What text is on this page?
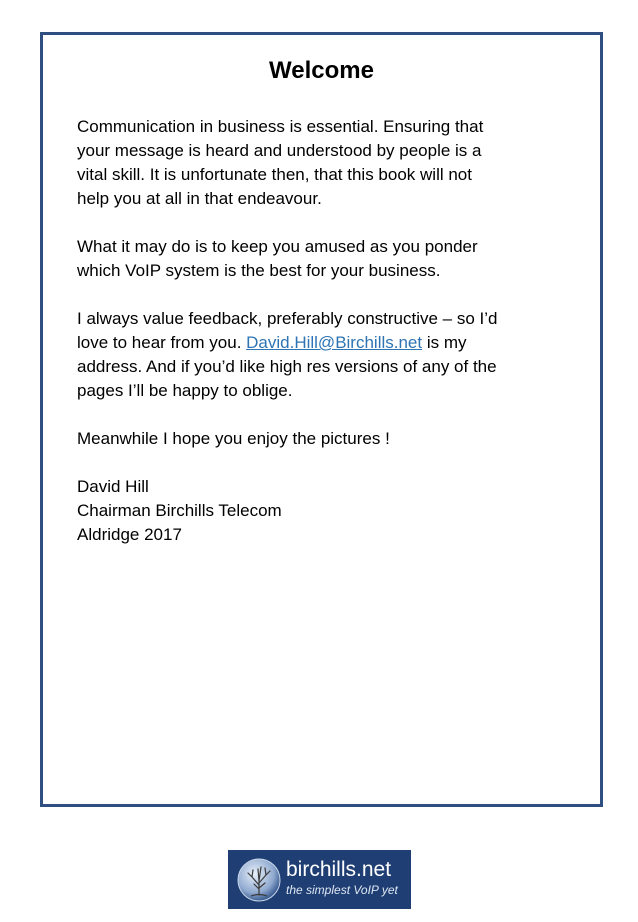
Welcome

Communication in business is essential. Ensuring that
your message is heard and understood by people is a
vital skill. It is unfortunate then, that this book will not
help you at all in that endeavour.

What it may do is to keep you amused as you ponder
which VoIP system is the best for your business.

I always value feedback, preferably constructive – so I’d
love to hear from you. David.Hill@Birchills.net is my
address. And if you’d like high res versions of any of the
pages I’ll be happy to oblige.

Meanwhile I hope you enjoy the pictures !

David Hill
Chairman Birchills Telecom
Aldridge 2017

birchills.net
the simplest VoIP yet
